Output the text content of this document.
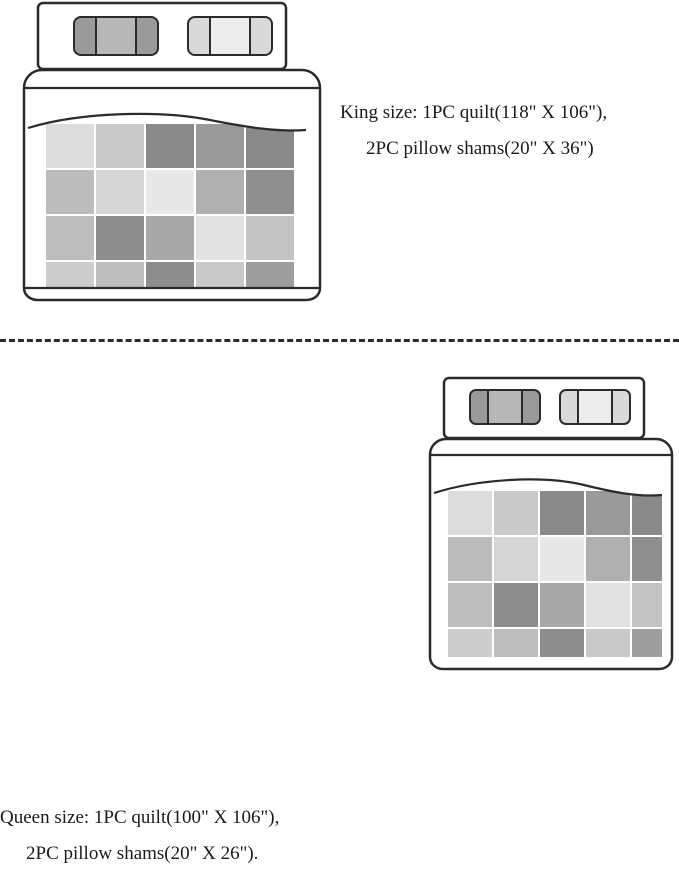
King size: 1PC quilt(118" X 106"),
2PC pillow shams(20" X 36")
Queen size: 1PC quilt(100" X 106"),
2PC pillow shams(20" X 26").
